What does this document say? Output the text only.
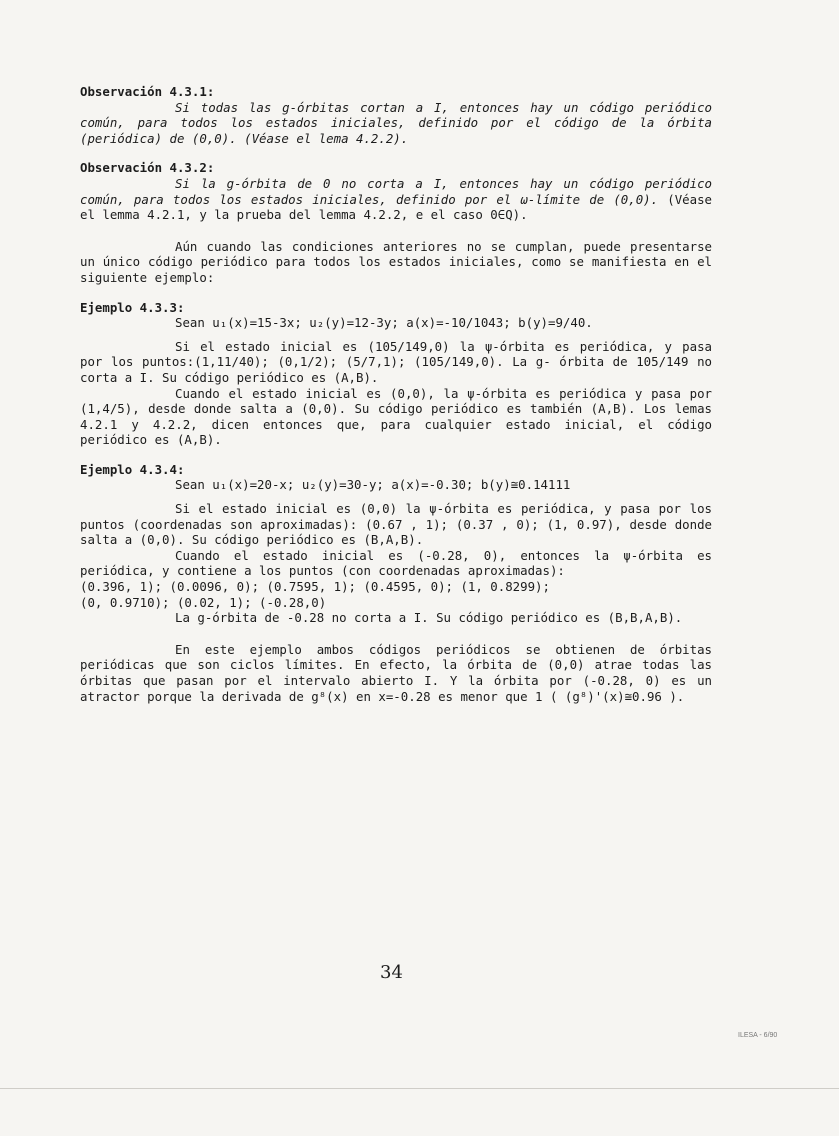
Observación 4.3.1:

Si todas las g-órbitas cortan a I, entonces hay un código periódico común, para todos los estados iniciales, definido por el código de la órbita (periódica) de (0,0). (Véase el lema 4.2.2).

Observación 4.3.2:

Si la g-órbita de 0 no corta a I, entonces hay un código periódico común, para todos los estados iniciales, definido por el ω-límite de (0,0). (Véase el lemma 4.2.1, y la prueba del lemma 4.2.2, e el caso 0∈Q).

Aún cuando las condiciones anteriores no se cumplan, puede presentarse un único código periódico para todos los estados iniciales, como se manifiesta en el siguiente ejemplo:

Ejemplo 4.3.3:

Sean u₁(x)=15-3x; u₂(y)=12-3y; a(x)=-10/1043; b(y)=9/40.

Si el estado inicial es (105/149,0) la ψ-órbita es periódica, y pasa por los puntos:(1,11/40); (0,1/2); (5/7,1); (105/149,0). La g- órbita de 105/149 no corta a I. Su código periódico es (A,B).

Cuando el estado inicial es (0,0), la ψ-órbita es periódica y pasa por (1,4/5), desde donde salta a (0,0). Su código periódico es también (A,B). Los lemas 4.2.1 y 4.2.2, dicen entonces que, para cualquier estado inicial, el código periódico es (A,B).

Ejemplo 4.3.4:

Sean u₁(x)=20-x; u₂(y)=30-y; a(x)=-0.30; b(y)≅0.14111

Si el estado inicial es (0,0) la ψ-órbita es periódica, y pasa por los puntos (coordenadas son aproximadas): (0.67 , 1); (0.37 , 0); (1, 0.97), desde donde salta a (0,0). Su código periódico es (B,A,B).

Cuando el estado inicial es (-0.28, 0), entonces la ψ-órbita es periódica, y contiene a los puntos (con coordenadas aproximadas):

(0.396, 1); (0.0096, 0); (0.7595, 1); (0.4595, 0); (1, 0.8299);

(0, 0.9710); (0.02, 1); (-0.28,0)

La g-órbita de -0.28 no corta a I. Su código periódico es (B,B,A,B).

En este ejemplo ambos códigos periódicos se obtienen de órbitas periódicas que son ciclos límites. En efecto, la órbita de (0,0) atrae todas las órbitas que pasan por el intervalo abierto I. Y la órbita por (-0.28, 0) es un atractor porque la derivada de g⁸(x) en x=-0.28 es menor que 1 ( (g⁸)'(x)≅0.96 ).

34
ILESA - 6/90
